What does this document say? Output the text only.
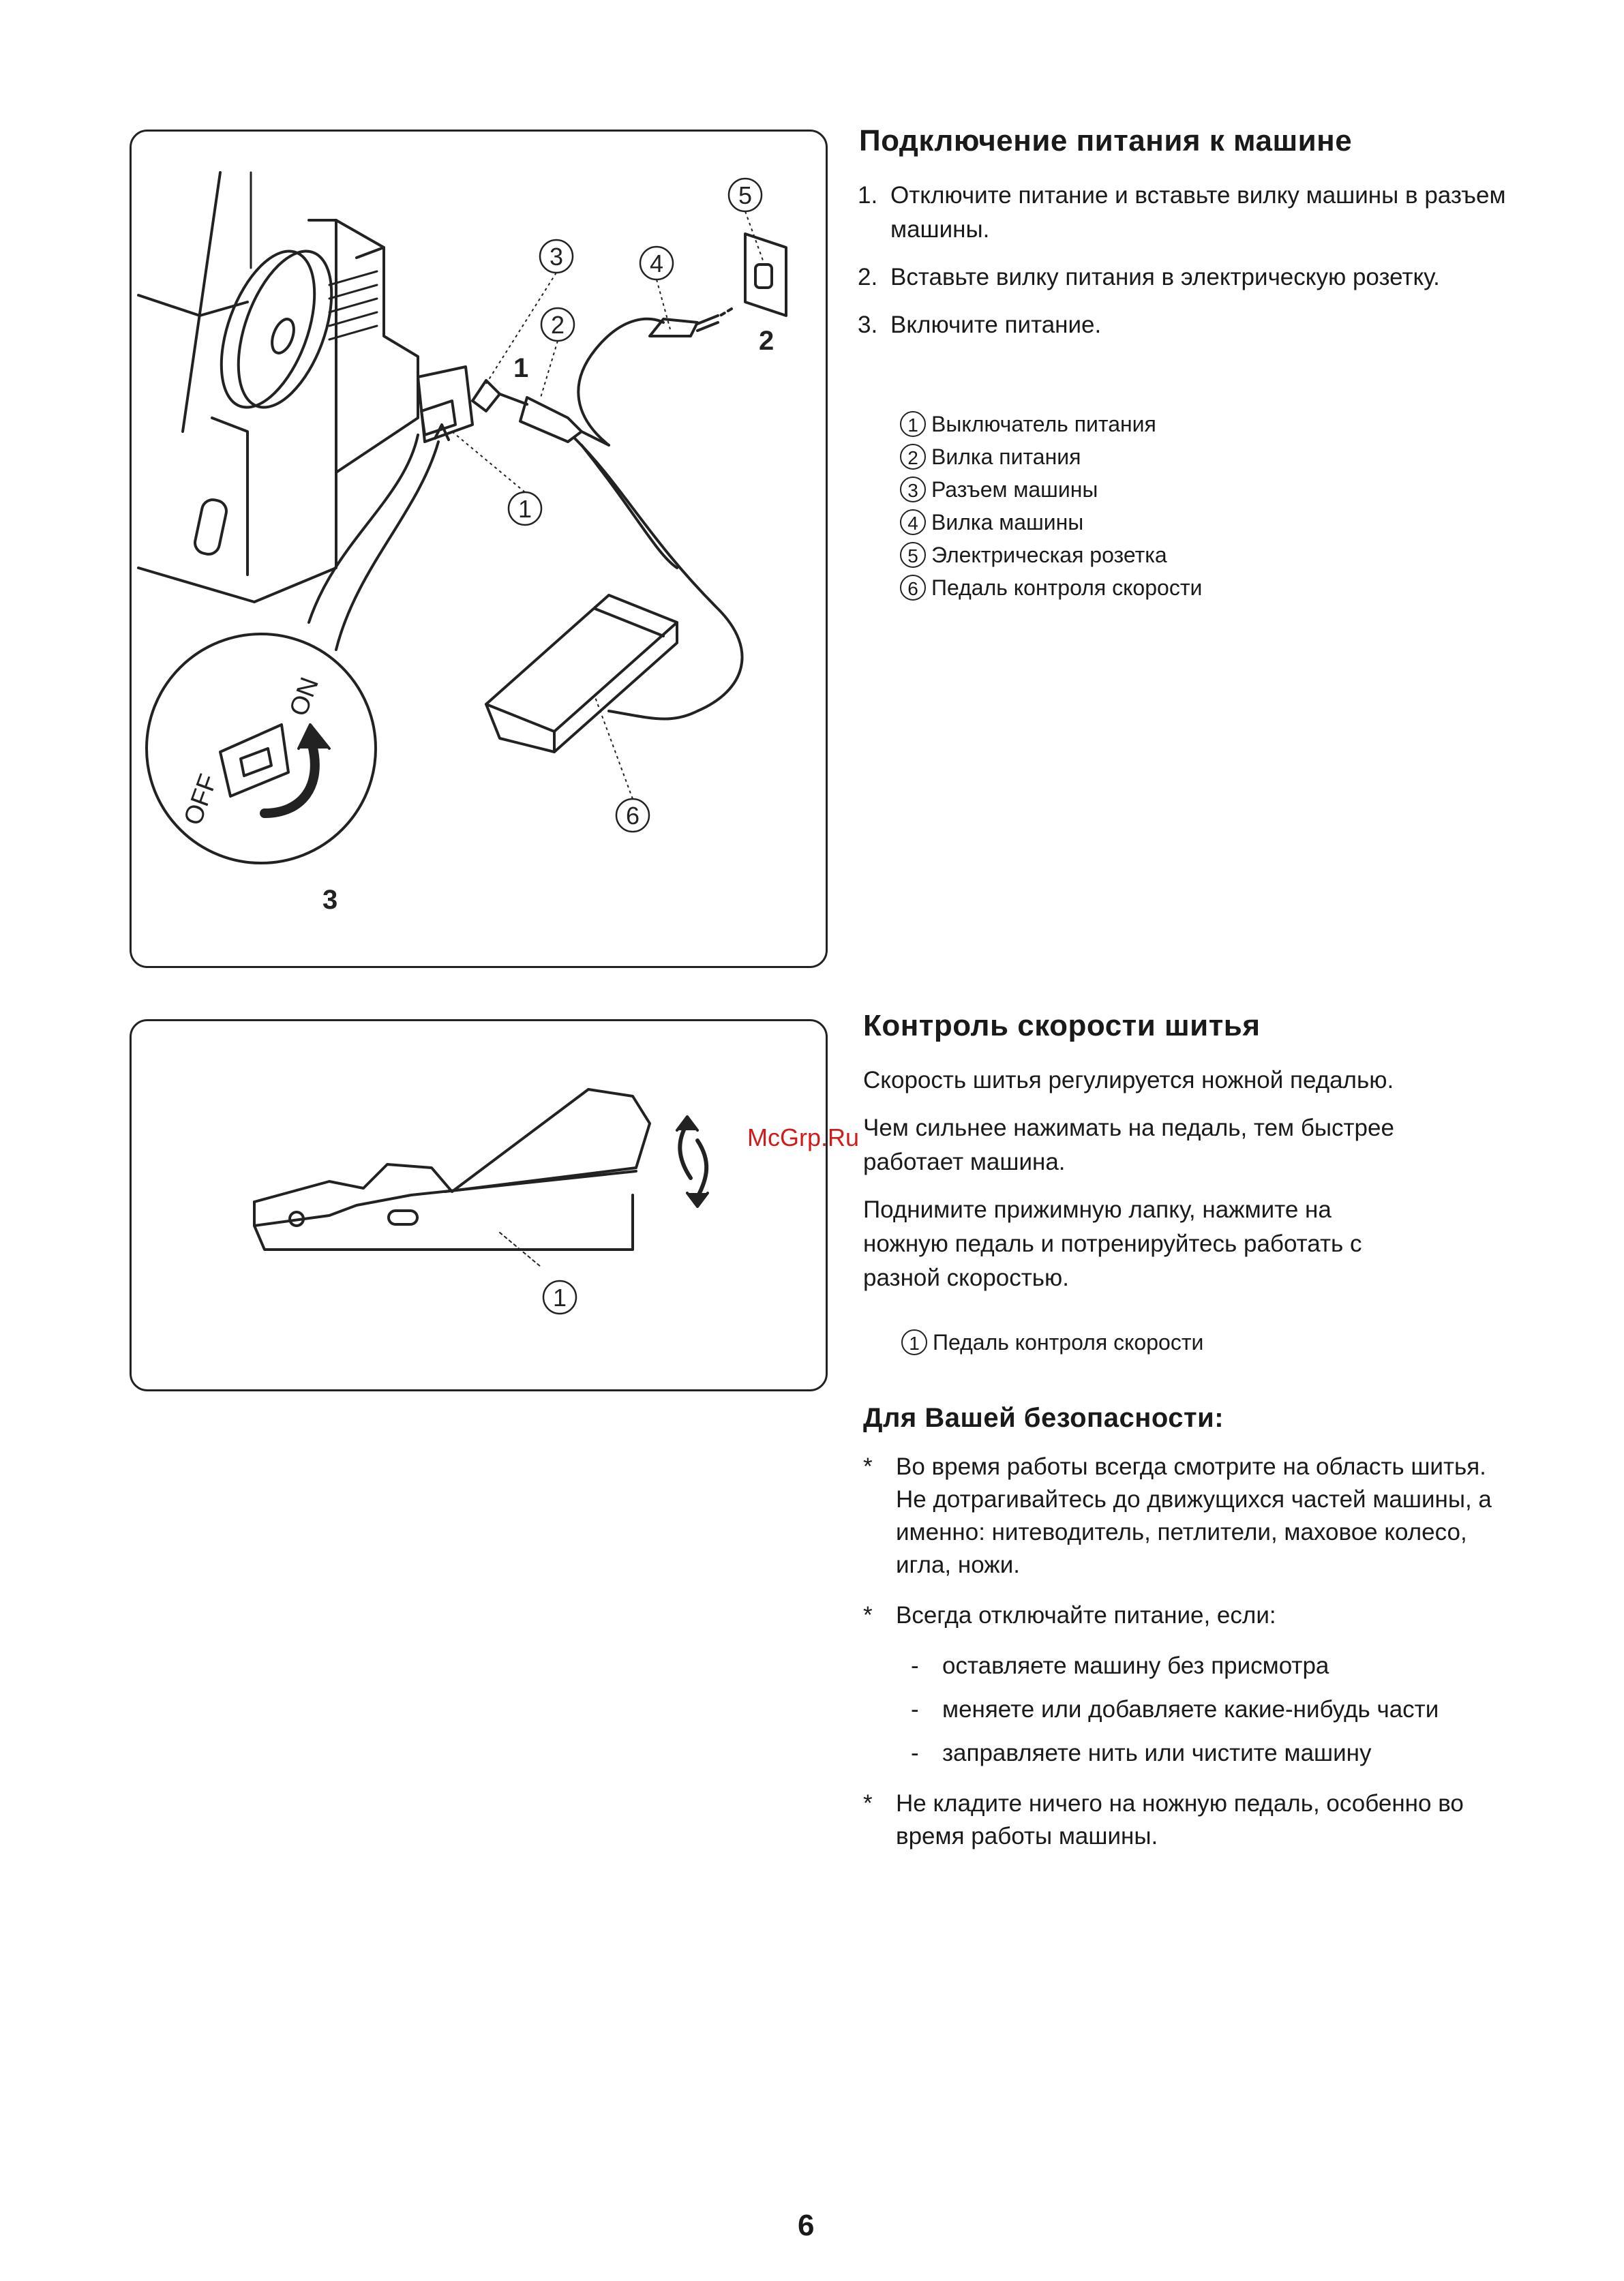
5
4
2
3
1
6
1
2
3
OFF
ON
Подключение питания к машине
1. Отключите питание и вставьте вилку машины в разъем машины.
2. Вставьте вилку питания в электрическую розетку.
3. Включите питание.
1 Выключатель питания
2 Вилка питания
3 Разъем машины
4 Вилка машины
5 Электрическая розетка
6 Педаль контроля скорости
1
Контроль скорости шитья

Скорость шитья регулируется ножной педалью.

Чем сильнее нажимать на педаль, тем быстрее работает машина.

Поднимите прижимную лапку, нажмите на ножную педаль и потренируйтесь работать с разной скоростью.

1 Педаль контроля скорости
Для Вашей безопасности:
* Во время работы всегда смотрите на область шитья. Не дотрагивайтесь до движущихся частей машины, а именно: нитеводитель, петлители, маховое колесо, игла, ножи.
* Всегда отключайте питание, если:
- оставляете машину без присмотра
- меняете или добавляете какие-нибудь части
- заправляете нить или чистите машину
* Не кладите ничего на ножную педаль, особенно во время работы машины.
McGrp.Ru
6
